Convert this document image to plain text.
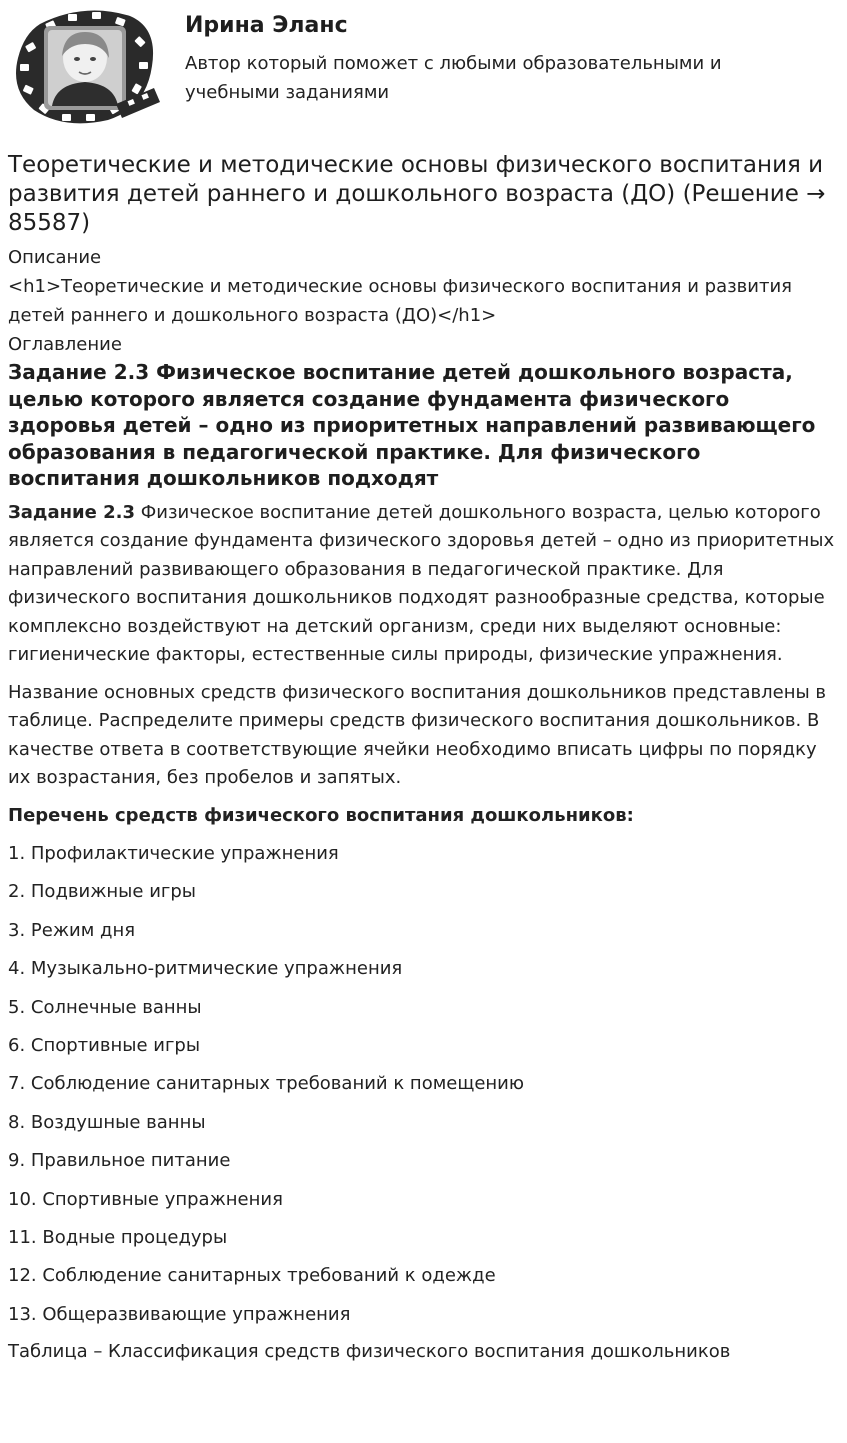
Ирина Эланс
Автор который поможет с любыми образовательными и учебными заданиями
Теоретические и методические основы физического воспитания и развития детей раннего и дошкольного возраста (ДО) (Решение → 85587)
Описание
<h1>Теоретические и методические основы физического воспитания и развития детей раннего и дошкольного возраста (ДО)</h1>
Оглавление
Задание 2.3 Физическое воспитание детей дошкольного возраста, целью которого является создание фундамента физического здоровья детей – одно из приоритетных направлений развивающего образования в педагогической практике. Для физического воспитания дошкольников подходят

Задание 2.3 Физическое воспитание детей дошкольного возраста, целью которого является создание фундамента физического здоровья детей – одно из приоритетных направлений развивающего образования в педагогической практике. Для физического воспитания дошкольников подходят разнообразные средства, которые комплексно воздействуют на детский организм, среди них выделяют основные: гигиенические факторы, естественные силы природы, физические упражнения.

Название основных средств физического воспитания дошкольников представлены в таблице. Распределите примеры средств физического воспитания дошкольников. В качестве ответа в соответствующие ячейки необходимо вписать цифры по порядку их возрастания, без пробелов и запятых.

Перечень средств физического воспитания дошкольников:

1. Профилактические упражнения
2. Подвижные игры
3. Режим дня
4. Музыкально-ритмические упражнения
5. Солнечные ванны
6. Спортивные игры
7. Соблюдение санитарных требований к помещению
8. Воздушные ванны
9. Правильное питание
10. Спортивные упражнения
11. Водные процедуры
12. Соблюдение санитарных требований к одежде
13. Общеразвивающие упражнения
Таблица – Классификация средств физического воспитания дошкольников
